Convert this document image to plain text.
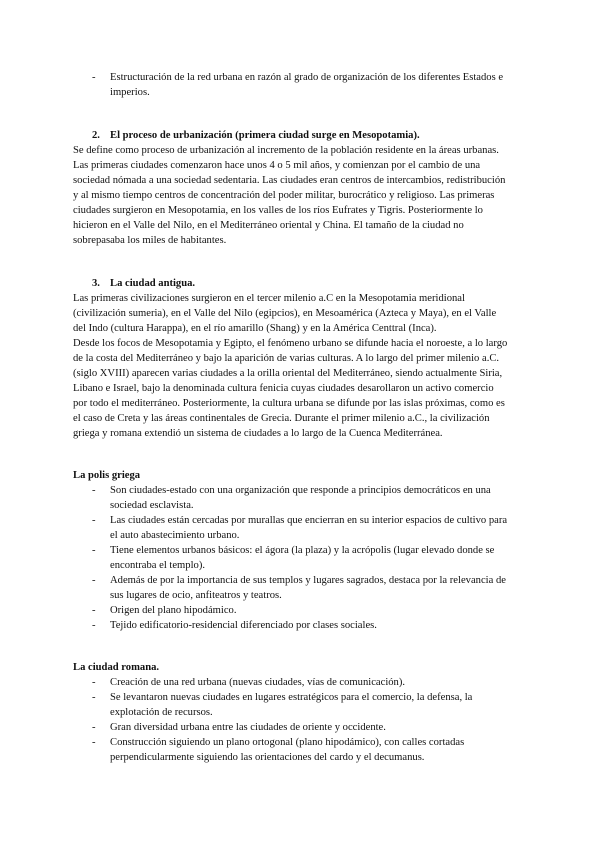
- Estructuración de la red urbana en razón al grado de organización de los diferentes Estados e
imperios.
2. El proceso de urbanización (primera ciudad surge en Mesopotamia).
Se define como proceso de urbanización al incremento de la población residente en la áreas urbanas.
Las primeras ciudades comenzaron hace unos 4 o 5 mil años, y comienzan por el cambio de una
sociedad nómada a una sociedad sedentaria. Las ciudades eran centros de intercambios, redistribución
y al mismo tiempo centros de concentración del poder militar, burocrático y religioso. Las primeras
ciudades surgieron en Mesopotamia, en los valles de los ríos Eufrates y Tigris. Posteriormente lo
hicieron en el Valle del Nilo, en el Mediterráneo oriental y China. El tamaño de la ciudad no
sobrepasaba los miles de habitantes.
3. La ciudad antigua.
Las primeras civilizaciones surgieron en el tercer milenio a.C en la Mesopotamia meridional
(civilización sumeria), en el Valle del Nilo (egipcios), en Mesoamérica (Azteca y Maya), en el Valle
del Indo (cultura Harappa), en el río amarillo (Shang) y en la América Centtral (Inca).
Desde los focos de Mesopotamia y Egipto, el fenómeno urbano se difunde hacia el noroeste, a lo largo
de la costa del Mediterráneo y bajo la aparición de varias culturas. A lo largo del primer milenio a.C.
(siglo XVIII) aparecen varias ciudades a la orilla oriental del Mediterráneo, siendo actualmente Siria,
Libano e Israel, bajo la denominada cultura fenicia cuyas ciudades desarollaron un activo comercio
por todo el mediterráneo. Posteriormente, la cultura urbana se difunde por las islas próximas, como es
el caso de Creta y las áreas continentales de Grecia. Durante el primer milenio a.C., la civilización
griega y romana extendió un sistema de ciudades a lo largo de la Cuenca Mediterránea.
La polis griega
- Son ciudades-estado con una organización que responde a principios democráticos en una
sociedad esclavista.
- Las ciudades están cercadas por murallas que encierran en su interior espacios de cultivo para
el auto abastecimiento urbano.
- Tiene elementos urbanos básicos: el ágora (la plaza) y la acrópolis (lugar elevado donde se
encontraba el templo).
- Además de por la importancia de sus templos y lugares sagrados, destaca por la relevancia de
sus lugares de ocio, anfiteatros y teatros.
- Origen del plano hipodámico.
- Tejido edificatorio-residencial diferenciado por clases sociales.
La ciudad romana.
- Creación de una red urbana (nuevas ciudades, vías de comunicación).
- Se levantaron nuevas ciudades en lugares estratégicos para el comercio, la defensa, la
explotación de recursos.
- Gran diversidad urbana entre las ciudades de oriente y occidente.
- Construcción siguiendo un plano ortogonal (plano hipodámico), con calles cortadas
perpendicularmente siguiendo las orientaciones del cardo y el decumanus.
